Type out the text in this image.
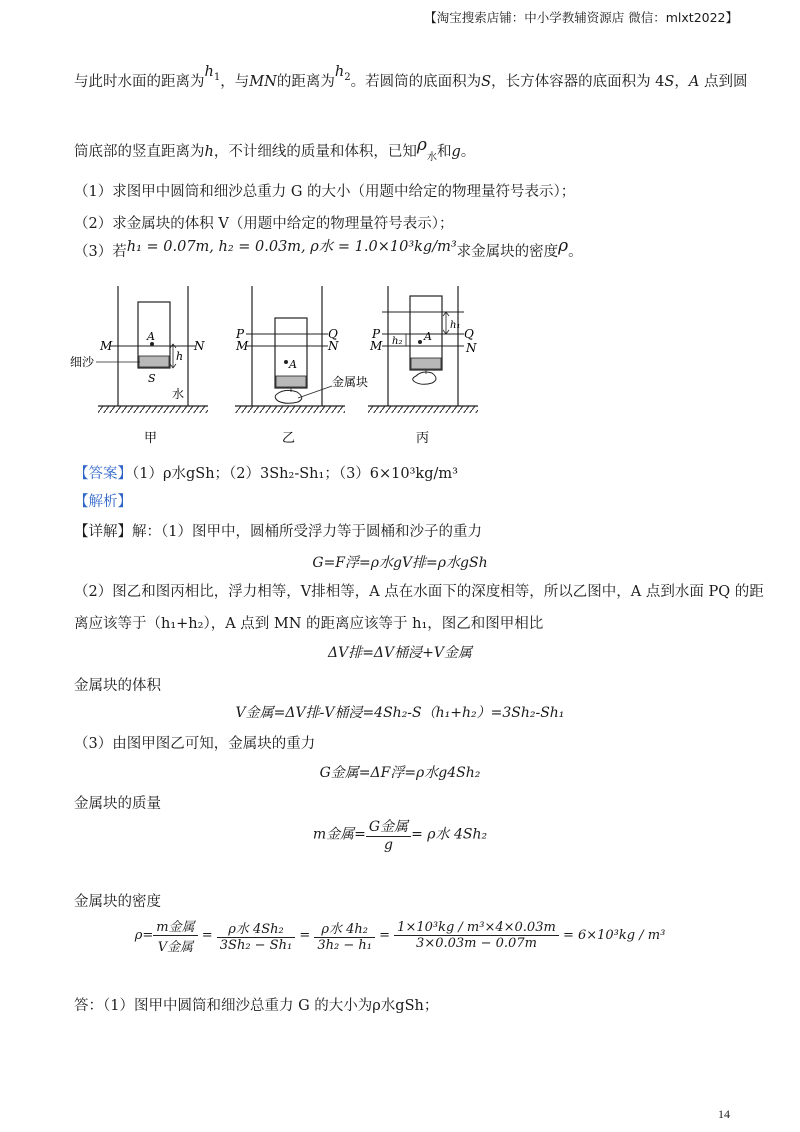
【淘宝搜索店铺：中小学教辅资源店 微信：mlxt2022】
与此时水面的距离为$h_1$，与MN的距离为$h_2$。若圆筒的底面积为S，长方体容器的底面积为 4S，A 点到圆
筒底部的竖直距离为h，不计细线的质量和体积，已知$\rho_水$和g。
（1）求图甲中圆筒和细沙总重力 G 的大小（用题中给定的物理量符号表示）；
（2）求金属块的体积 V（用题中给定的物理量符号表示）；
（3）若h₁ = 0.07m, h₂ = 0.03m, ρ水 = 1.0×10³kg/m³求金属块的密度ρ。
M	N
A
h
S
细沙
水
甲
P
M
Q
N
A
金属块
乙
h₁
h₂
P
M
Q
N
A
丙
【答案】（1）ρ水gSh；（2）3Sh₂-Sh₁；（3）6×10³kg/m³
【解析】
【详解】解：（1）图甲中，圆桶所受浮力等于圆桶和沙子的重力
G=F浮=ρ水gV排=ρ水gSh
（2）图乙和图丙相比，浮力相等，V排相等，A 点在水面下的深度相等，所以乙图中，A 点到水面 PQ 的距
离应该等于（h₁+h₂），A 点到 MN 的距离应该等于 h₁，图乙和图甲相比
ΔV排=ΔV桶浸+V金属
金属块的体积
V金属=ΔV排-V桶浸=4Sh₂-S（h₁+h₂）=3Sh₂-Sh₁
（3）由图甲图乙可知，金属块的重力
G金属=ΔF浮=ρ水g4Sh₂
金属块的质量
m金属= $\frac{\text{G金属}}{g} = \rho$水 4Sh₂
金属块的密度
$\rho= \frac{\text{m金属}}{\text{V金属}} = \frac{\text{ρ水 4Sh₂}}{\text{3Sh₂ − Sh₁}} = \frac{\text{ρ水 4h₂}}{\text{3h₂ − h₁}} = \frac{\text{1×10³kg / m³×4×0.03m}}{3\times 0.03m - 0.07m} = 6\times 10^3kg / m^3$
答：（1）图甲中圆筒和细沙总重力 G 的大小为ρ水gSh；
14
